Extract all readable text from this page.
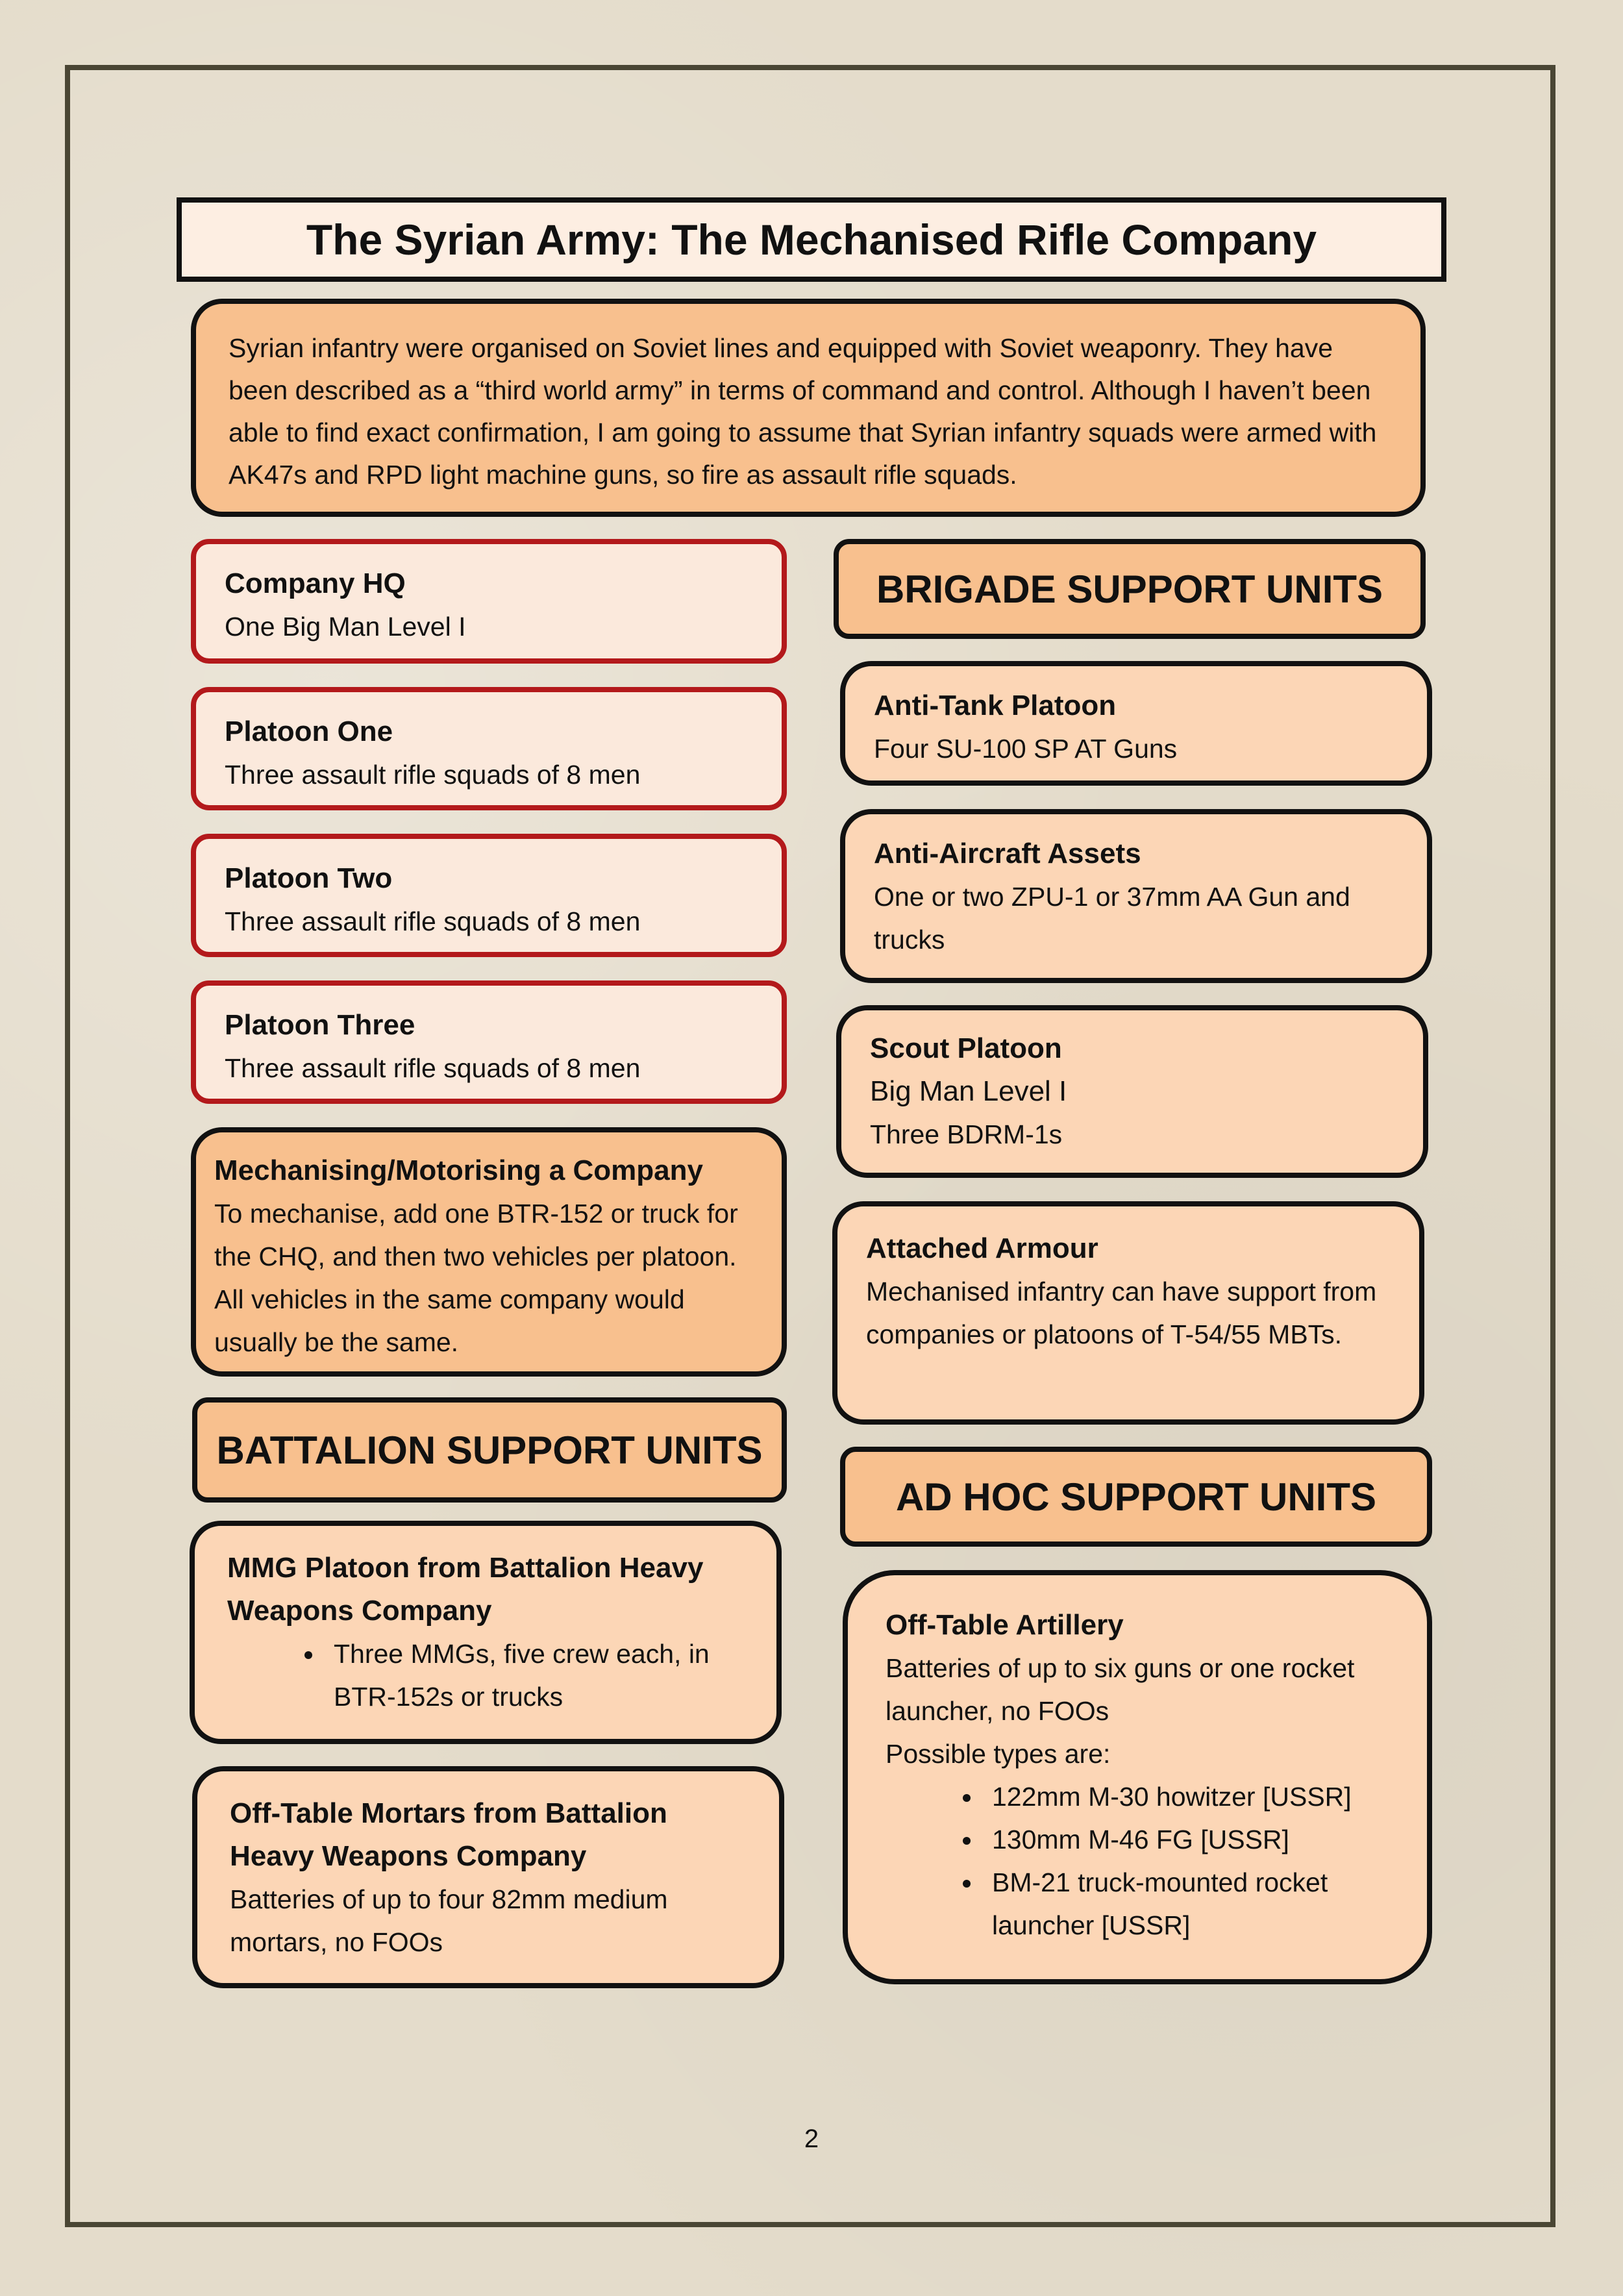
The Syrian Army: The Mechanised Rifle Company
Syrian infantry were organised on Soviet lines and equipped with Soviet weaponry. They have been described as a “third world army” in terms of command and control. Although I haven’t been able to find exact confirmation, I am going to assume that Syrian infantry squads were armed with AK47s and RPD light machine guns, so fire as assault rifle squads.
Company HQ
One Big Man Level I
Platoon One
Three assault rifle squads of 8 men
Platoon Two
Three assault rifle squads of 8 men
Platoon Three
Three assault rifle squads of 8 men
Mechanising/Motorising a Company
To mechanise, add one BTR-152 or truck for the CHQ, and then two vehicles per platoon. All vehicles in the same company would usually be the same.
BATTALION SUPPORT UNITS
MMG Platoon from Battalion Heavy Weapons Company
• Three MMGs, five crew each, in BTR-152s or trucks
Off-Table Mortars from Battalion Heavy Weapons Company
Batteries of up to four 82mm medium mortars, no FOOs
BRIGADE SUPPORT UNITS
Anti-Tank Platoon
Four SU-100 SP AT Guns
Anti-Aircraft Assets
One or two ZPU-1 or 37mm AA Gun and trucks
Scout Platoon
Big Man Level I
Three BDRM-1s
Attached Armour
Mechanised infantry can have support from companies or platoons of T-54/55 MBTs.
AD HOC SUPPORT UNITS
Off-Table Artillery
Batteries of up to six guns or one rocket launcher, no FOOs
Possible types are:
• 122mm M-30 howitzer [USSR]
• 130mm M-46 FG [USSR]
• BM-21 truck-mounted rocket launcher [USSR]
2
